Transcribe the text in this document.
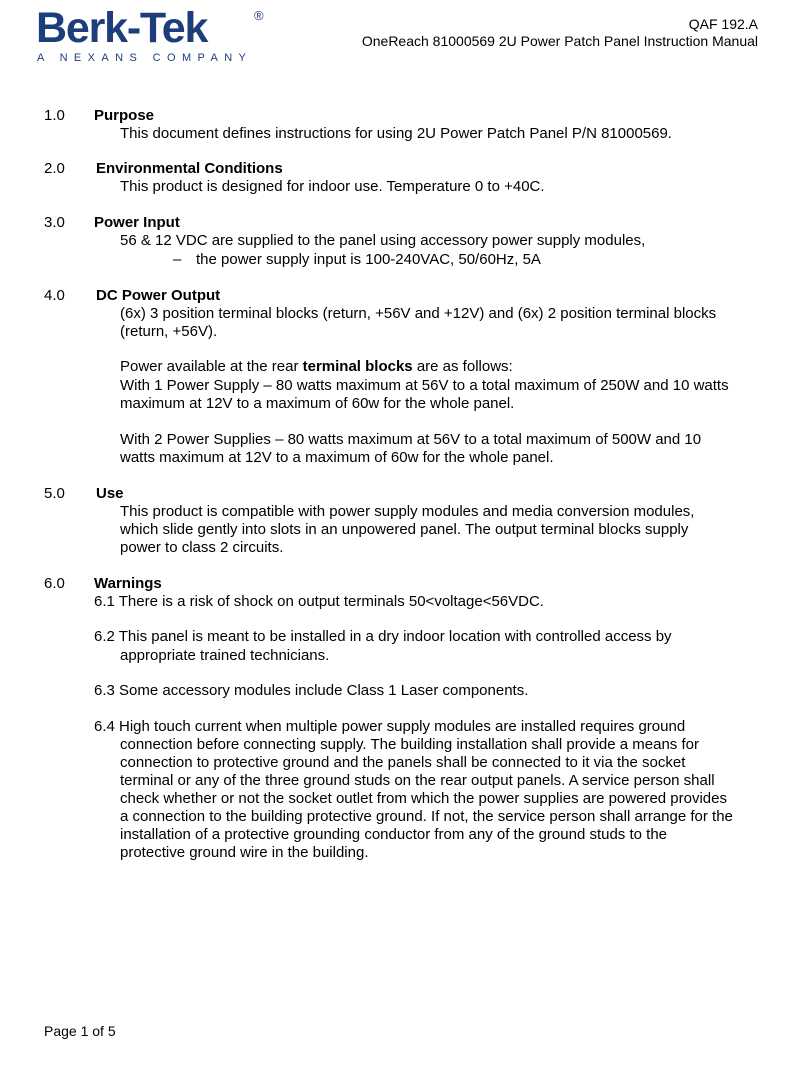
Berk-Tek	®
A NEXANS COMPANY
QAF 192.A
OneReach 81000569 2U Power Patch Panel Instruction Manual
1.0 Purpose
This document defines instructions for using 2U Power Patch Panel P/N 81000569.
2.0 Environmental Conditions
This product is designed for indoor use. Temperature 0 to +40C.
3.0 Power Input
56 & 12 VDC are supplied to the panel using accessory power supply modules,
– the power supply input is 100-240VAC, 50/60Hz, 5A
4.0 DC Power Output
(6x) 3 position terminal blocks (return, +56V and +12V) and (6x) 2 position terminal blocks
(return, +56V).
Power available at the rear terminal blocks are as follows:
With 1 Power Supply – 80 watts maximum at 56V to a total maximum of 250W and 10 watts
maximum at 12V to a maximum of 60w for the whole panel.
With 2 Power Supplies – 80 watts maximum at 56V to a total maximum of 500W and 10
watts maximum at 12V to a maximum of 60w for the whole panel.
5.0 Use
This product is compatible with power supply modules and media conversion modules,
which slide gently into slots in an unpowered panel. The output terminal blocks supply
power to class 2 circuits.
6.0 Warnings
6.1 There is a risk of shock on output terminals 50<voltage<56VDC.
6.2 This panel is meant to be installed in a dry indoor location with controlled access by
appropriate trained technicians.
6.3 Some accessory modules include Class 1 Laser components.
6.4 High touch current when multiple power supply modules are installed requires ground
connection before connecting supply. The building installation shall provide a means for
connection to protective ground and the panels shall be connected to it via the socket
terminal or any of the three ground studs on the rear output panels. A service person shall
check whether or not the socket outlet from which the power supplies are powered provides
a connection to the building protective ground. If not, the service person shall arrange for the
installation of a protective grounding conductor from any of the ground studs to the
protective ground wire in the building.
Page 1 of 5
